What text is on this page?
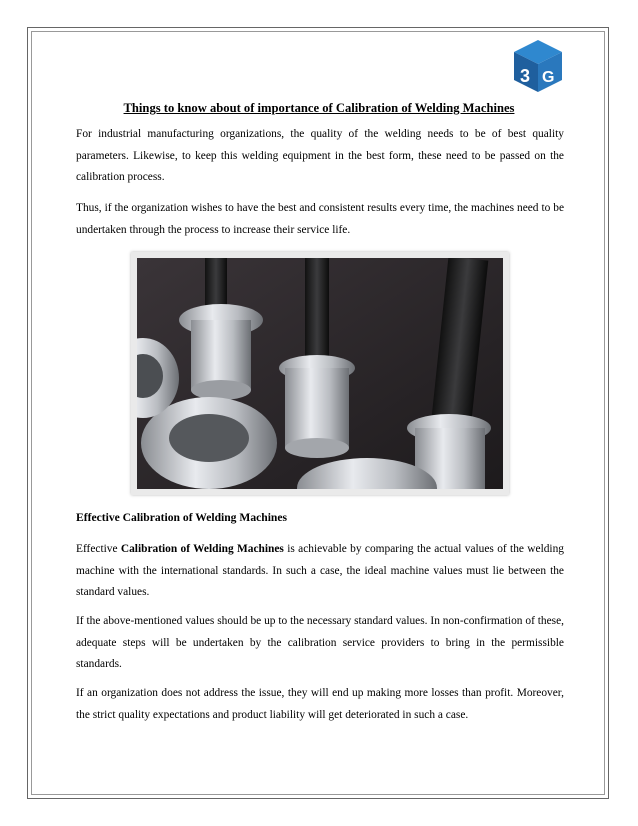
3 G
Things to know about of importance of Calibration of Welding Machines

For industrial manufacturing organizations, the quality of the welding needs to be of best quality parameters. Likewise, to keep this welding equipment in the best form, these need to be passed on the calibration process.

Thus, if the organization wishes to have the best and consistent results every time, the machines need to be undertaken through the process to increase their service life.

Effective Calibration of Welding Machines

Effective Calibration of Welding Machines is achievable by comparing the actual values of the welding machine with the international standards. In such a case, the ideal machine values must lie between the standard values.

If the above-mentioned values should be up to the necessary standard values. In non-confirmation of these, adequate steps will be undertaken by the calibration service providers to bring in the permissible standards.

If an organization does not address the issue, they will end up making more losses than profit. Moreover, the strict quality expectations and product liability will get deteriorated in such a case.
